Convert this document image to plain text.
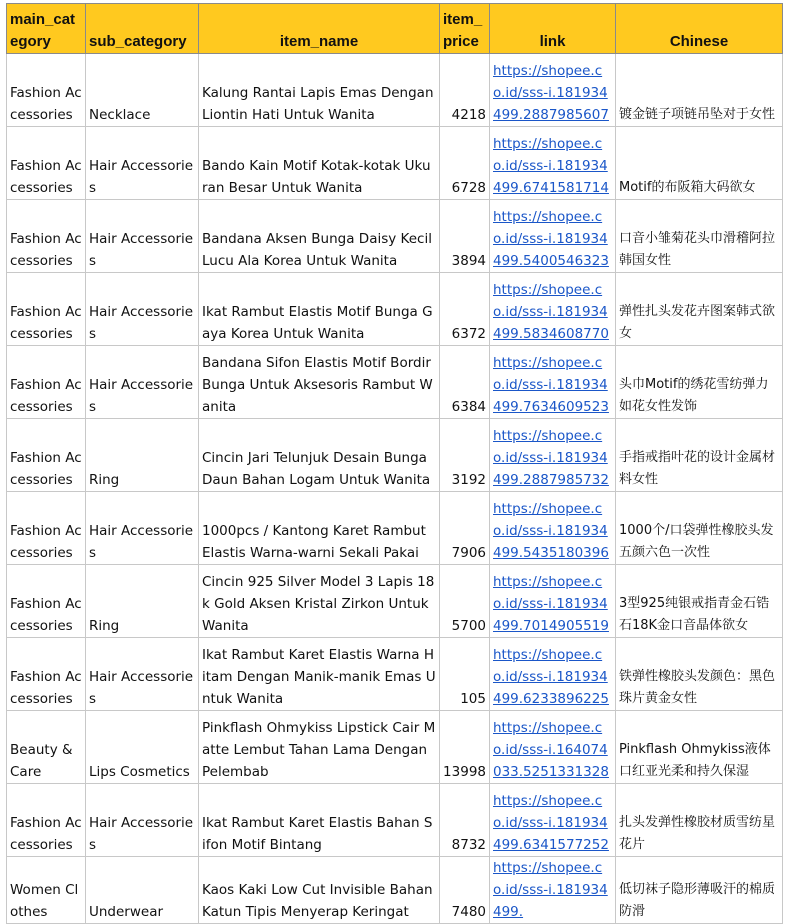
main_category	sub_category	item_name	item_price	link	Chinese
Fashion Accessories	Necklace	Kalung Rantai Lapis Emas Dengan Liontin Hati Untuk Wanita	4218	https://shopee.co.id/sss-i.181934499.2887985607	镀金链子项链吊坠对于女性
Fashion Accessories	Hair Accessories	Bando Kain Motif Kotak-kotak Ukuran Besar Untuk Wanita	6728	https://shopee.co.id/sss-i.181934499.6741581714	Motif的布阪箱大码欲女
Fashion Accessories	Hair Accessories	Bandana Aksen Bunga Daisy Kecil Lucu Ala Korea Untuk Wanita	3894	https://shopee.co.id/sss-i.181934499.5400546323	口音小雏菊花头巾滑稽阿拉韩国女性
Fashion Accessories	Hair Accessories	Ikat Rambut Elastis Motif Bunga Gaya Korea Untuk Wanita	6372	https://shopee.co.id/sss-i.181934499.5834608770	弹性扎头发花卉图案韩式欲女
Fashion Accessories	Hair Accessories	Bandana Sifon Elastis Motif Bordir Bunga Untuk Aksesoris Rambut Wanita	6384	https://shopee.co.id/sss-i.181934499.7634609523	头巾Motif的绣花雪纺弹力如花女性发饰
Fashion Accessories	Ring	Cincin Jari Telunjuk Desain Bunga Daun Bahan Logam Untuk Wanita	3192	https://shopee.co.id/sss-i.181934499.2887985732	手指戒指叶花的设计金属材料女性
Fashion Accessories	Hair Accessories	1000pcs / Kantong Karet Rambut Elastis Warna-warni Sekali Pakai	7906	https://shopee.co.id/sss-i.181934499.5435180396	1000个/口袋弹性橡胶头发五颜六色一次性
Fashion Accessories	Ring	Cincin 925 Silver Model 3 Lapis 18k Gold Aksen Kristal Zirkon Untuk Wanita	5700	https://shopee.co.id/sss-i.181934499.7014905519	3型925纯银戒指青金石锆石18K金口音晶体欲女
Fashion Accessories	Hair Accessories	Ikat Rambut Karet Elastis Warna Hitam Dengan Manik-manik Emas Untuk Wanita	105	https://shopee.co.id/sss-i.181934499.6233896225	铁弹性橡胶头发颜色：黑色珠片黄金女性
Beauty & Care	Lips Cosmetics	Pinkflash Ohmykiss Lipstick Cair Matte Lembut Tahan Lama Dengan Pelembab	13998	https://shopee.co.id/sss-i.164074033.5251331328	Pinkflash Ohmykiss液体口红亚光柔和持久保湿
Fashion Accessories	Hair Accessories	Ikat Rambut Karet Elastis Bahan Sifon Motif Bintang	8732	https://shopee.co.id/sss-i.181934499.6341577252	扎头发弹性橡胶材质雪纺星花片
Women Clothes	Underwear	Kaos Kaki Low Cut Invisible Bahan Katun Tipis Menyerap Keringat	7480	https://shopee.co.id/sss-i.181934499.	低切袜子隐形薄吸汗的棉质防滑
